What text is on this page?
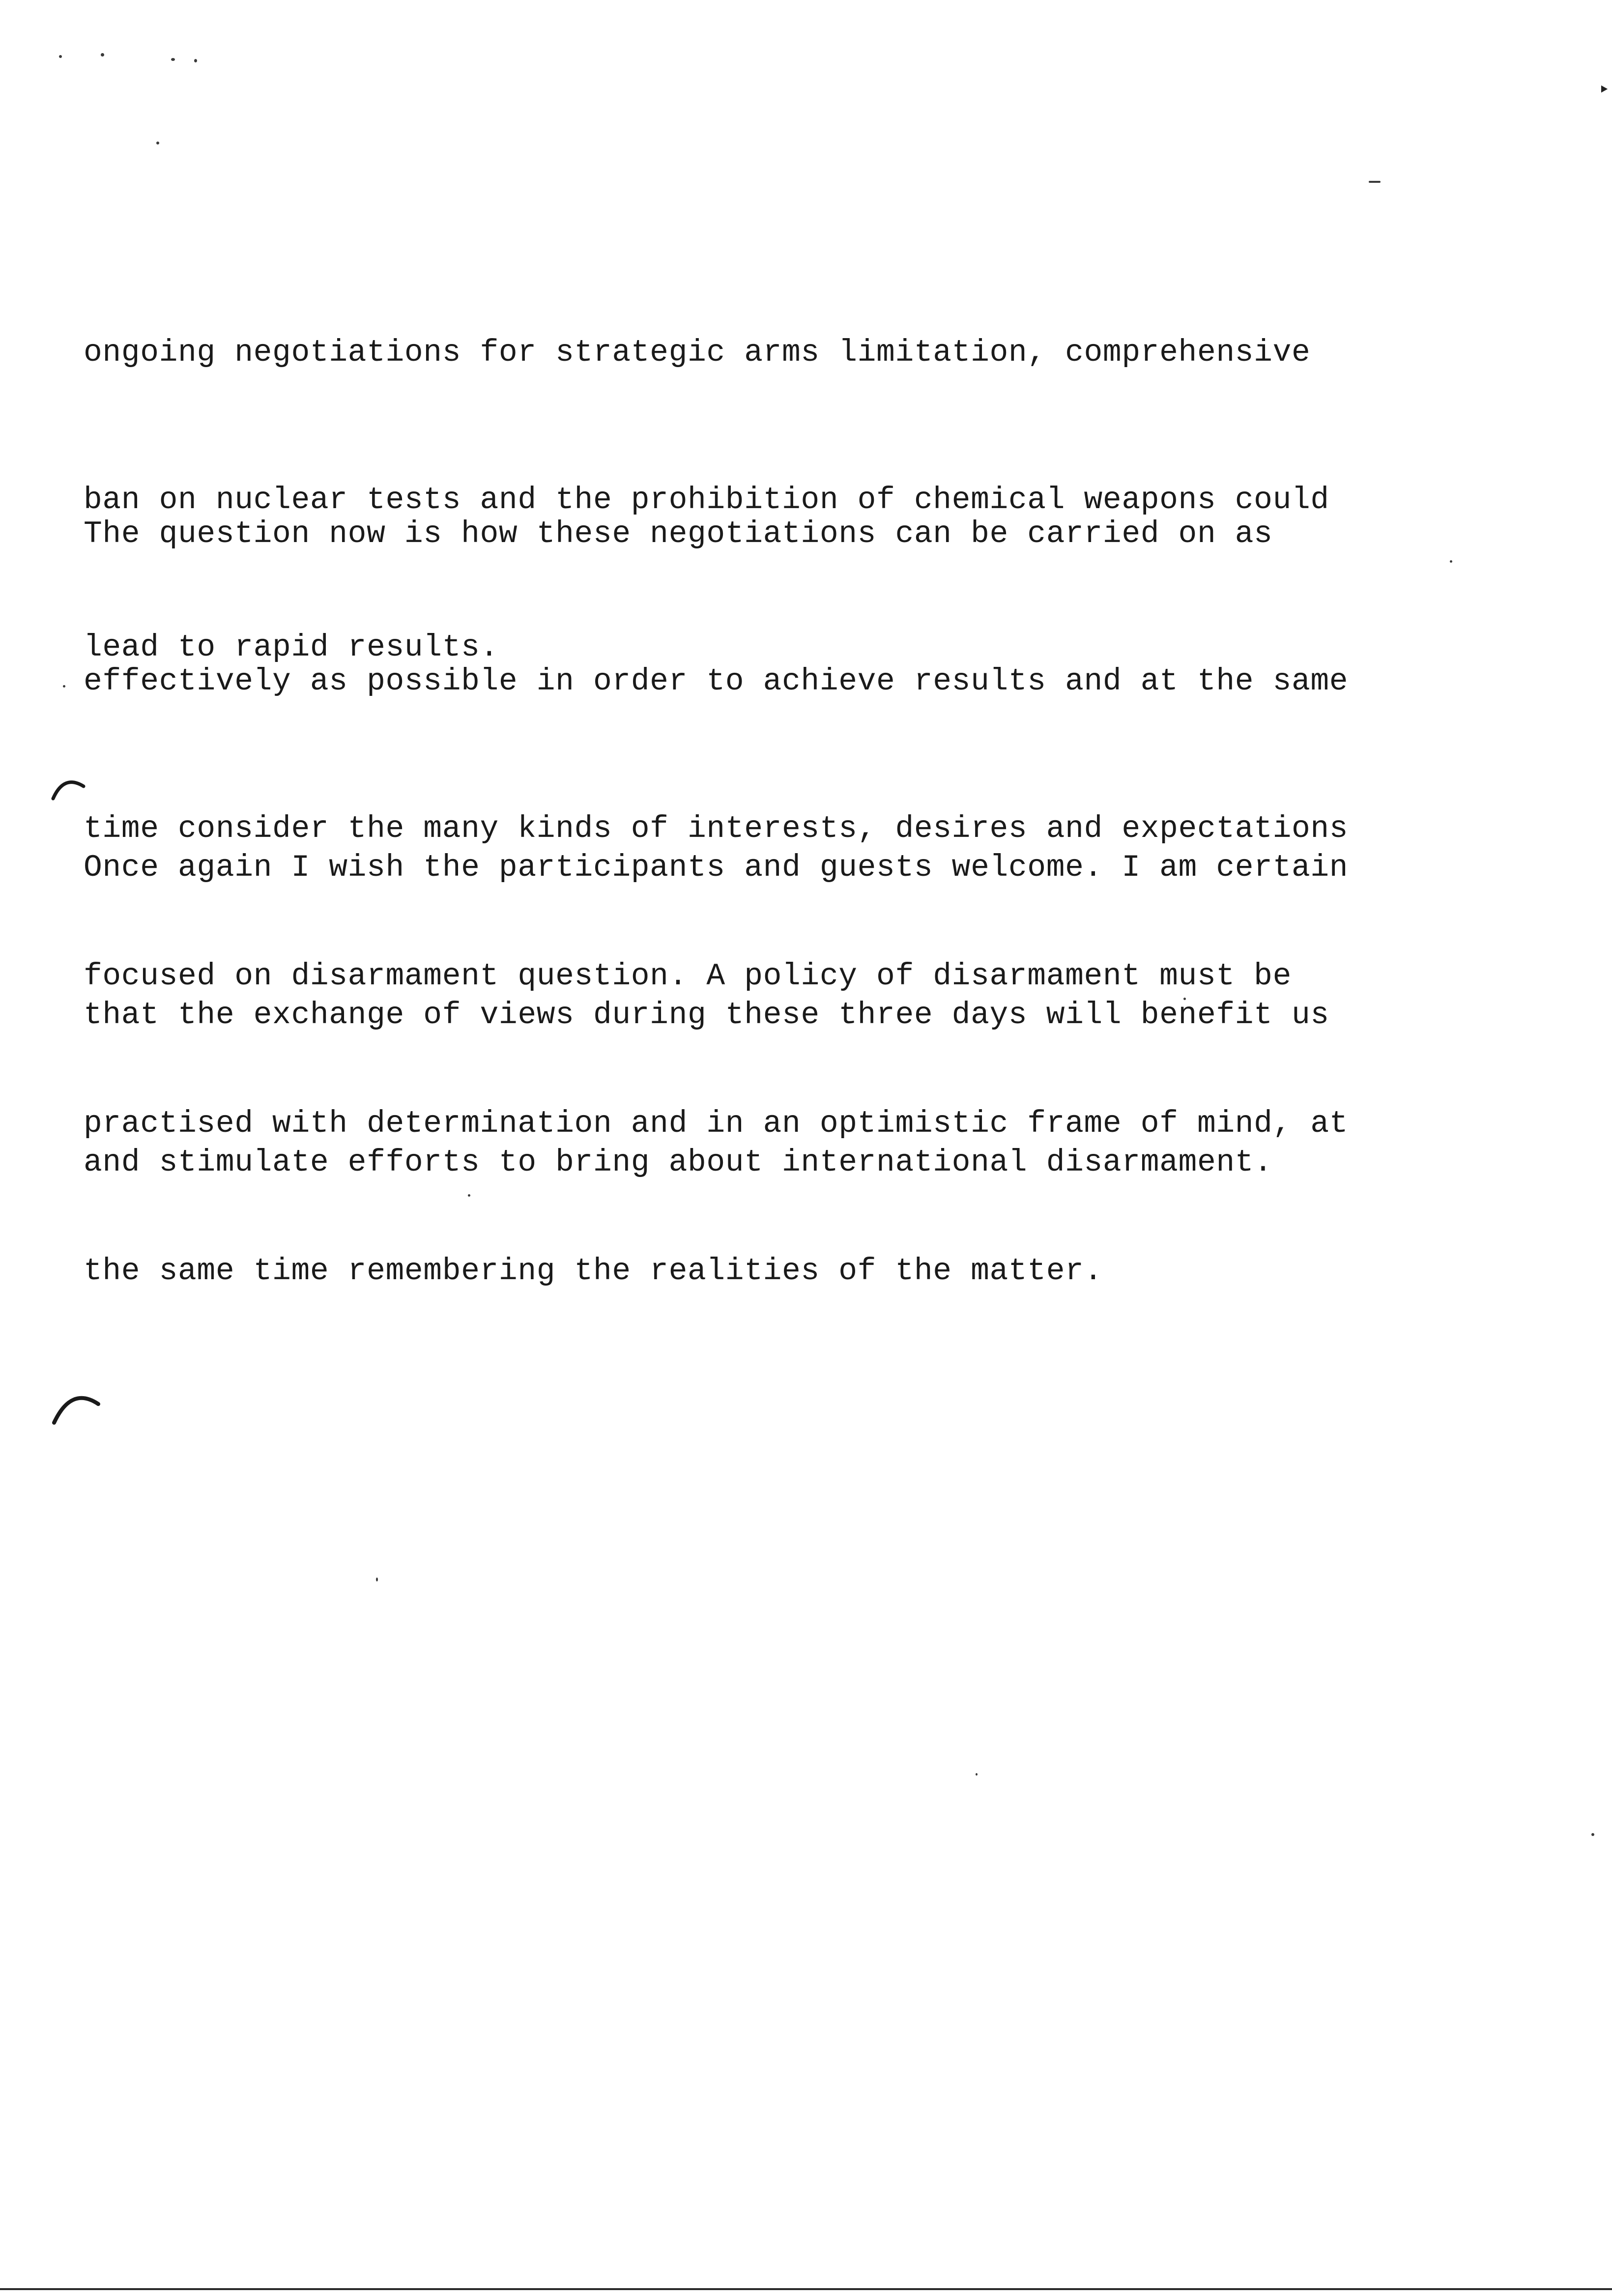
‣

ongoing negotiations for strategic arms limitation, comprehensive

ban on nuclear tests and the prohibition of chemical weapons could

lead to rapid results.

The question now is how these negotiations can be carried on as

effectively as possible in order to achieve results and at the same

time consider the many kinds of interests, desires and expectations

focused on disarmament question. A policy of disarmament must be

practised with determination and in an optimistic frame of mind, at

the same time remembering the realities of the matter.

Once again I wish the participants and guests welcome. I am certain

that the exchange of views during these three days will benefit us

and stimulate efforts to bring about international disarmament.
